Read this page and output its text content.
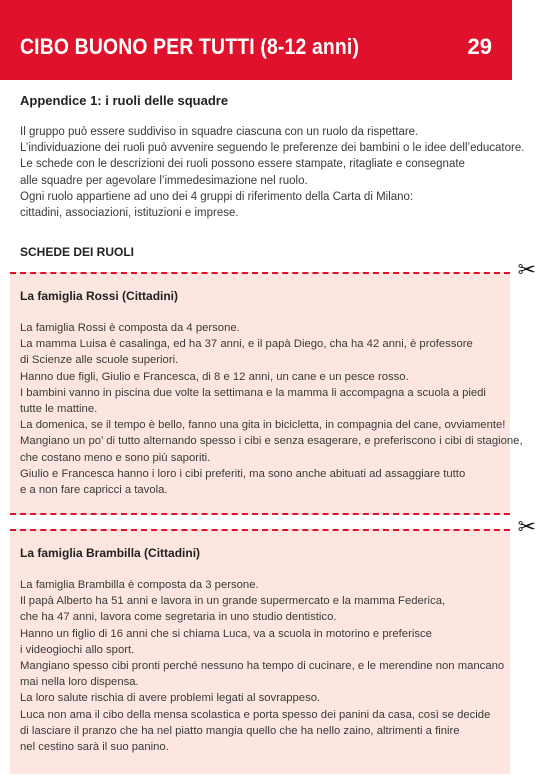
CIBO BUONO PER TUTTI (8-12 anni)	29
Appendice 1: i ruoli delle squadre
Il gruppo può essere suddiviso in squadre ciascuna con un ruolo da rispettare.
L’individuazione dei ruoli può avvenire seguendo le preferenze dei bambini o le idee dell’educatore.
Le schede con le descrizioni dei ruoli possono essere stampate, ritagliate e consegnate
alle squadre per agevolare l’immedesimazione nel ruolo.
Ogni ruolo appartiene ad uno dei 4 gruppi di riferimento della Carta di Milano:
cittadini, associazioni, istituzioni e imprese.
SCHEDE DEI RUOLI
✂
La famiglia Rossi (Cittadini)
La famiglia Rossi è composta da 4 persone.
La mamma Luisa è casalinga, ed ha 37 anni, e il papà Diego, cha ha 42 anni, è professore
di Scienze alle scuole superiori.
Hanno due figli, Giulio e Francesca, di 8 e 12 anni, un cane e un pesce rosso.
I bambini vanno in piscina due volte la settimana e la mamma li accompagna a scuola a piedi
tutte le mattine.
La domenica, se il tempo è bello, fanno una gita in bicicletta, in compagnia del cane, ovviamente!
Mangiano un po’ di tutto alternando spesso i cibi e senza esagerare, e preferiscono i cibi di stagione,
che costano meno e sono più saporiti.
Giulio e Francesca hanno i loro i cibi preferiti, ma sono anche abituati ad assaggiare tutto
e a non fare capricci a tavola.
✂
La famiglia Brambilla (Cittadini)
La famiglia Brambilla è composta da 3 persone.
Il papà Alberto ha 51 anni e lavora in un grande supermercato e la mamma Federica,
che ha 47 anni, lavora come segretaria in uno studio dentistico.
Hanno un figlio di 16 anni che si chiama Luca, va a scuola in motorino e preferisce
i videogiochi allo sport.
Mangiano spesso cibi pronti perché nessuno ha tempo di cucinare, e le merendine non mancano
mai nella loro dispensa.
La loro salute rischia di avere problemi legati al sovrappeso.
Luca non ama il cibo della mensa scolastica e porta spesso dei panini da casa, così se decide
di lasciare il pranzo che ha nel piatto mangia quello che ha nello zaino, altrimenti a finire
nel cestino sarà il suo panino.
